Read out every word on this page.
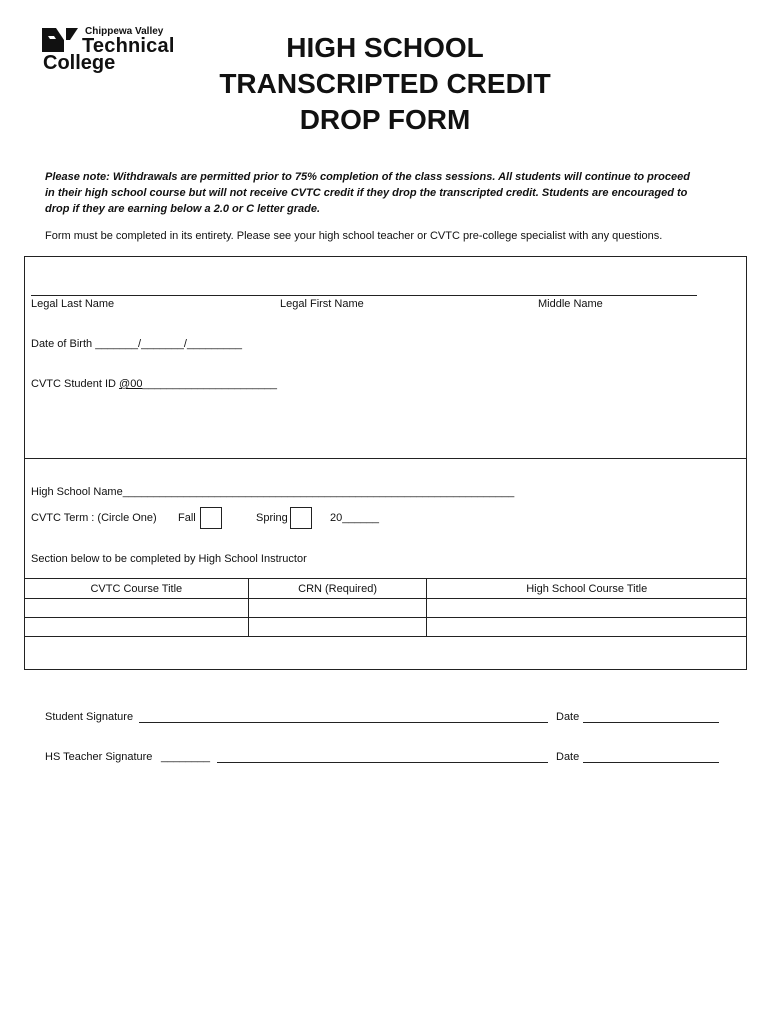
Chippewa Valley
Technical
College	HIGH SCHOOL
TRANSCRIPTED CREDIT
DROP FORM
Please note: Withdrawals are permitted prior to 75% completion of the class sessions. All students will continue to proceed
in their high school course but will not receive CVTC credit if they drop the transcripted credit. Students are encouraged to
drop if they are earning below a 2.0 or C letter grade.
Form must be completed in its entirety. Please see your high school teacher or CVTC pre-college specialist with any questions.
Legal Last Name	Legal First Name	Middle Name
Date of Birth _______/_______/_________
CVTC Student ID @00______________________
High School Name________________________________________________________________
CVTC Term : (Circle One) Fall	Spring	20______
Section below to be completed by High School Instructor
CVTC Course Title	CRN (Required)	High School Course Title

Student Signature	Date
HS Teacher Signature ________	Date
